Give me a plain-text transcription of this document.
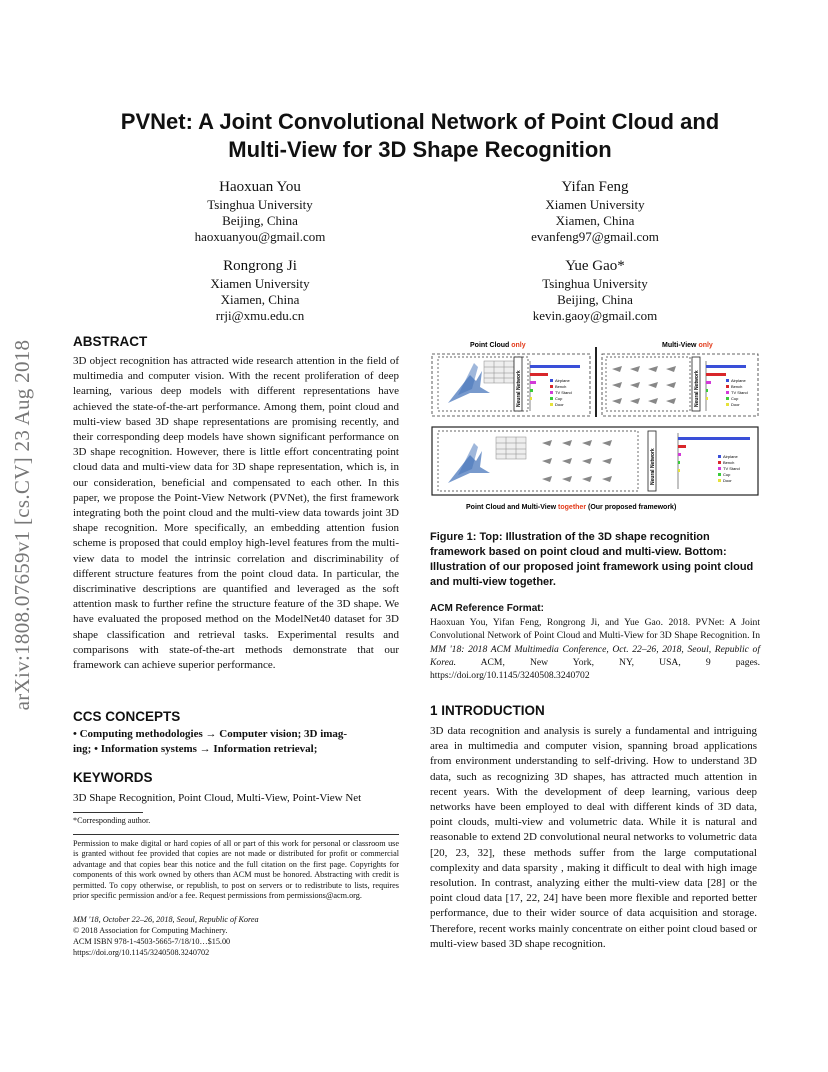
arXiv:1808.07659v1 [cs.CV] 23 Aug 2018
PVNet: A Joint Convolutional Network of Point Cloud and
Multi-View for 3D Shape Recognition
Haoxuan You
Tsinghua University
Beijing, China
haoxuanyou@gmail.com
Yifan Feng
Xiamen University
Xiamen, China
evanfeng97@gmail.com
Rongrong Ji
Xiamen University
Xiamen, China
rrji@xmu.edu.cn
Yue Gao*
Tsinghua University
Beijing, China
kevin.gaoy@gmail.com
ABSTRACT
3D object recognition has attracted wide research attention in the field of multimedia and computer vision. With the recent proliferation of deep learning, various deep models with different representations have achieved the state-of-the-art performance. Among them, point cloud and multi-view based 3D shape representations are promising recently, and their corresponding deep models have shown significant performance on 3D shape recognition. However, there is little effort concentrating point cloud data and multi-view data for 3D shape representation, which is, in our consideration, beneficial and compensated to each other. In this paper, we propose the Point-View Network (PVNet), the first framework integrating both the point cloud and the multi-view data towards joint 3D shape recognition. More specifically, an embedding attention fusion scheme is proposed that could employ high-level features from the multi-view data to model the intrinsic correlation and discriminability of different structure features from the point cloud data. In particular, the discriminative descriptions are quantified and leveraged as the soft attention mask to further refine the structure feature of the 3D shape. We have evaluated the proposed method on the ModelNet40 dataset for 3D shape classification and retrieval tasks. Experimental results and comparisons with state-of-the-art methods demonstrate that our framework can achieve superior performance.
CCS CONCEPTS
• Computing methodologies → Computer vision; 3D imag-
ing; • Information systems → Information retrieval;
KEYWORDS
3D Shape Recognition, Point Cloud, Multi-View, Point-View Net
*Corresponding author.
Permission to make digital or hard copies of all or part of this work for personal or classroom use is granted without fee provided that copies are not made or distributed for profit or commercial advantage and that copies bear this notice and the full citation on the first page. Copyrights for components of this work owned by others than ACM must be honored. Abstracting with credit is permitted. To copy otherwise, or republish, to post on servers or to redistribute to lists, requires prior specific permission and/or a fee. Request permissions from permissions@acm.org.
MM '18, October 22–26, 2018, Seoul, Republic of Korea
© 2018 Association for Computing Machinery.
ACM ISBN 978-1-4503-5665-7/18/10…$15.00
https://doi.org/10.1145/3240508.3240702
Neural Network	Airplane
Bench
TV Stand
Cup
Door
Point Cloud only
Neural Network	Airplane
Bench
TV Stand
Cup
Door
Multi-View only
Neural Network	Airplane
Bench
TV Stand
Cup
Door
Point Cloud and Multi-View together (Our proposed framework)
Figure 1: Top: Illustration of the 3D shape recognition framework based on point cloud and multi-view. Bottom: Illustration of our proposed joint framework using point cloud and multi-view together.
ACM Reference Format:
Haoxuan You, Yifan Feng, Rongrong Ji, and Yue Gao. 2018. PVNet: A Joint Convolutional Network of Point Cloud and Multi-View for 3D Shape Recognition. In MM '18: 2018 ACM Multimedia Conference, Oct. 22–26, 2018, Seoul, Republic of Korea. ACM, New York, NY, USA, 9 pages. https://doi.org/10.1145/3240508.3240702
1 INTRODUCTION
3D data recognition and analysis is surely a fundamental and intriguing area in multimedia and computer vision, spanning broad applications from environment understanding to self-driving. How to understand 3D data, such as recognizing 3D shapes, has attracted much attention in recent years. With the development of deep learning, various deep networks have been employed to deal with different kinds of 3D data, point clouds, multi-view and volumetric data. While it is natural and reasonable to extend 2D convolutional neural networks to volumetric data [20, 23, 32], these methods suffer from the large computational complexity and data sparsity , making it difficult to deal with high image resolution. In contrast, analyzing either the multi-view data [28] or the point cloud data [17, 22, 24] have been more flexible and reported better performance, due to their wider source of data acquisition and storage. Therefore, recent works mainly concentrate on either point cloud based or multi-view based 3D shape recognition.
